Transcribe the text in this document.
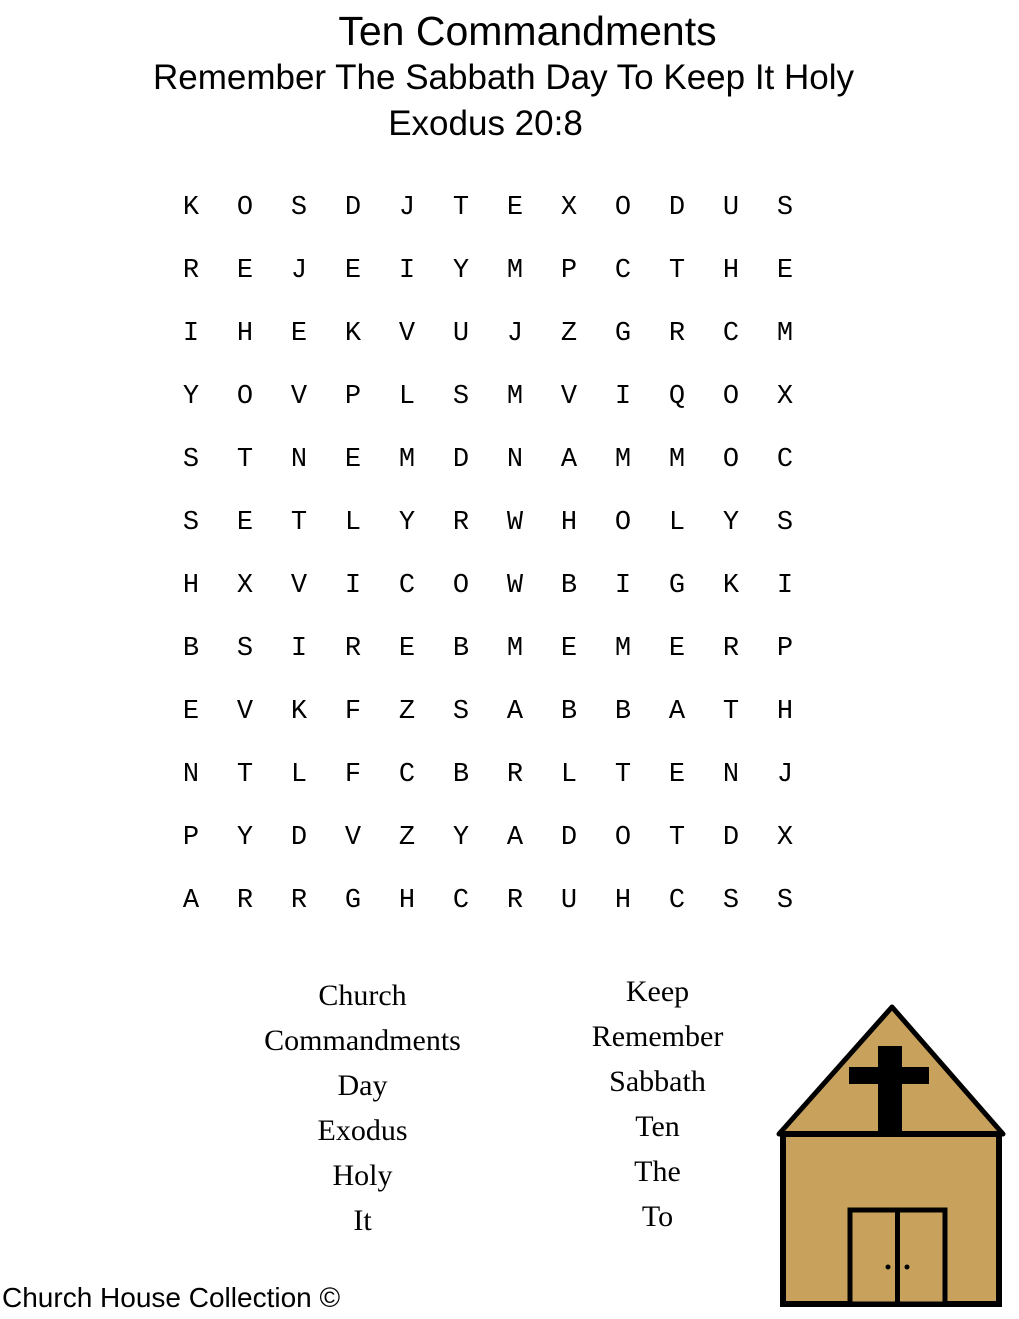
Ten Commandments
Remember The Sabbath Day To Keep It Holy
Exodus 20:8
K	O	S	D	J	T	E	X	O	D	U	S
R	E	J	E	I	Y	M	P	C	T	H	E
I	H	E	K	V	U	J	Z	G	R	C	M
Y	O	V	P	L	S	M	V	I	Q	O	X
S	T	N	E	M	D	N	A	M	M	O	C
S	E	T	L	Y	R	W	H	O	L	Y	S
H	X	V	I	C	O	W	B	I	G	K	I
B	S	I	R	E	B	M	E	M	E	R	P
E	V	K	F	Z	S	A	B	B	A	T	H
N	T	L	F	C	B	R	L	T	E	N	J
P	Y	D	V	Z	Y	A	D	O	T	D	X
A	R	R	G	H	C	R	U	H	C	S	S
Church
Commandments
Day
Exodus
Holy
It
Keep
Remember
Sabbath
Ten
The
To
Church House Collection ©
